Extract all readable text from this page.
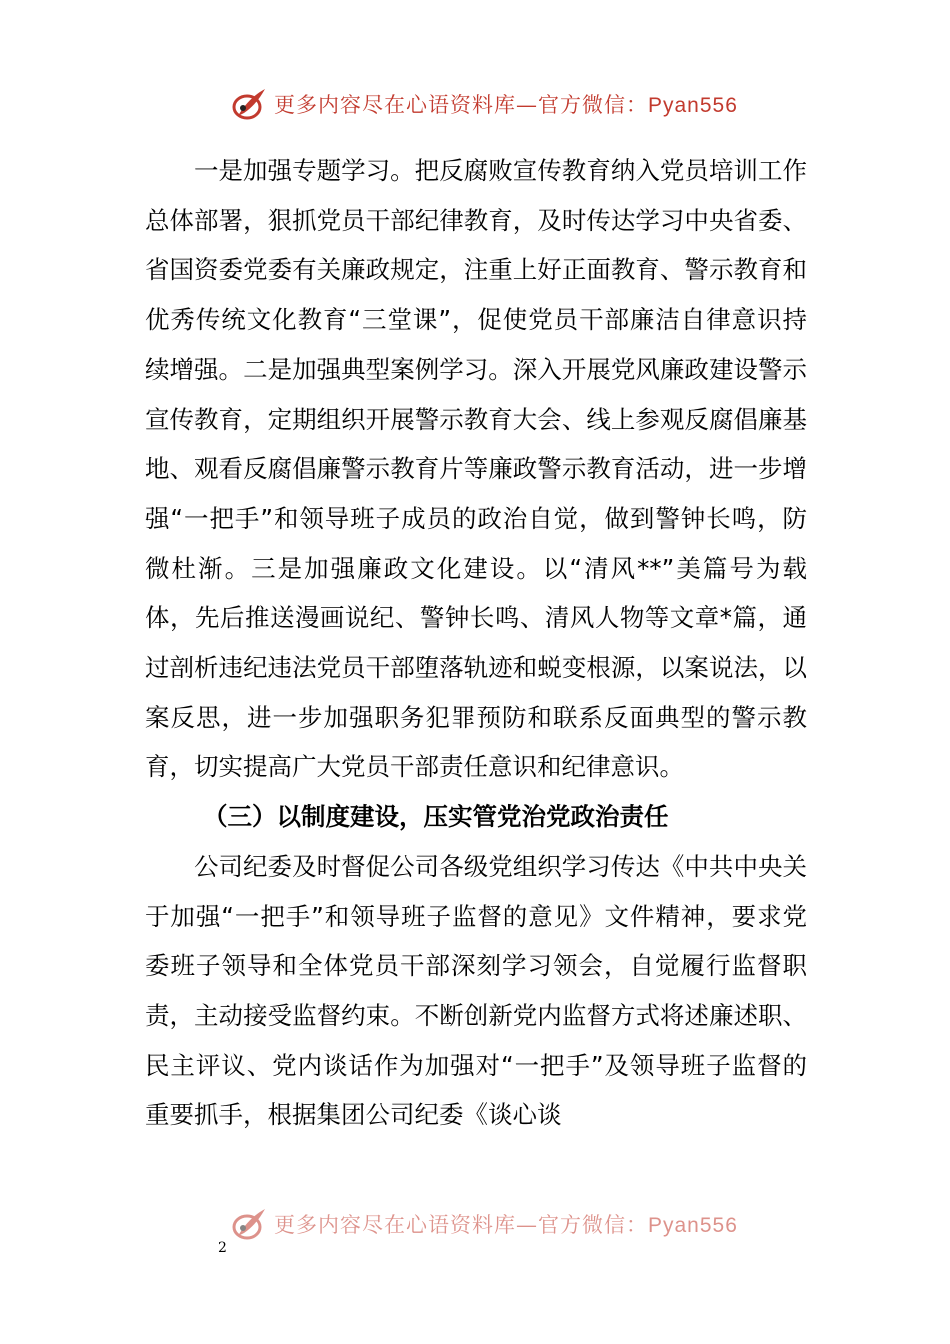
更多内容尽在心语资料库—官方微信：Pyan556

一是加强专题学习。把反腐败宣传教育纳入党员培训工作总体部署，狠抓党员干部纪律教育，及时传达学习中央省委、省国资委党委有关廉政规定，注重上好正面教育、警示教育和优秀传统文化教育“三堂课”，促使党员干部廉洁自律意识持续增强。二是加强典型案例学习。深入开展党风廉政建设警示宣传教育，定期组织开展警示教育大会、线上参观反腐倡廉基地、观看反腐倡廉警示教育片等廉政警示教育活动，进一步增强“一把手”和领导班子成员的政治自觉，做到警钟长鸣，防微杜渐。三是加强廉政文化建设。以“清风**”美篇号为载体，先后推送漫画说纪、警钟长鸣、清风人物等文章*篇，通过剖析违纪违法党员干部堕落轨迹和蜕变根源，以案说法，以案反思，进一步加强职务犯罪预防和联系反面典型的警示教育，切实提高广大党员干部责任意识和纪律意识。

（三）以制度建设，压实管党治党政治责任

公司纪委及时督促公司各级党组织学习传达《中共中央关于加强“一把手”和领导班子监督的意见》文件精神，要求党委班子领导和全体党员干部深刻学习领会，自觉履行监督职责，主动接受监督约束。不断创新党内监督方式将述廉述职、民主评议、党内谈话作为加强对“一把手”及领导班子监督的重要抓手，根据集团公司纪委《谈心谈

更多内容尽在心语资料库—官方微信：Pyan556
2
